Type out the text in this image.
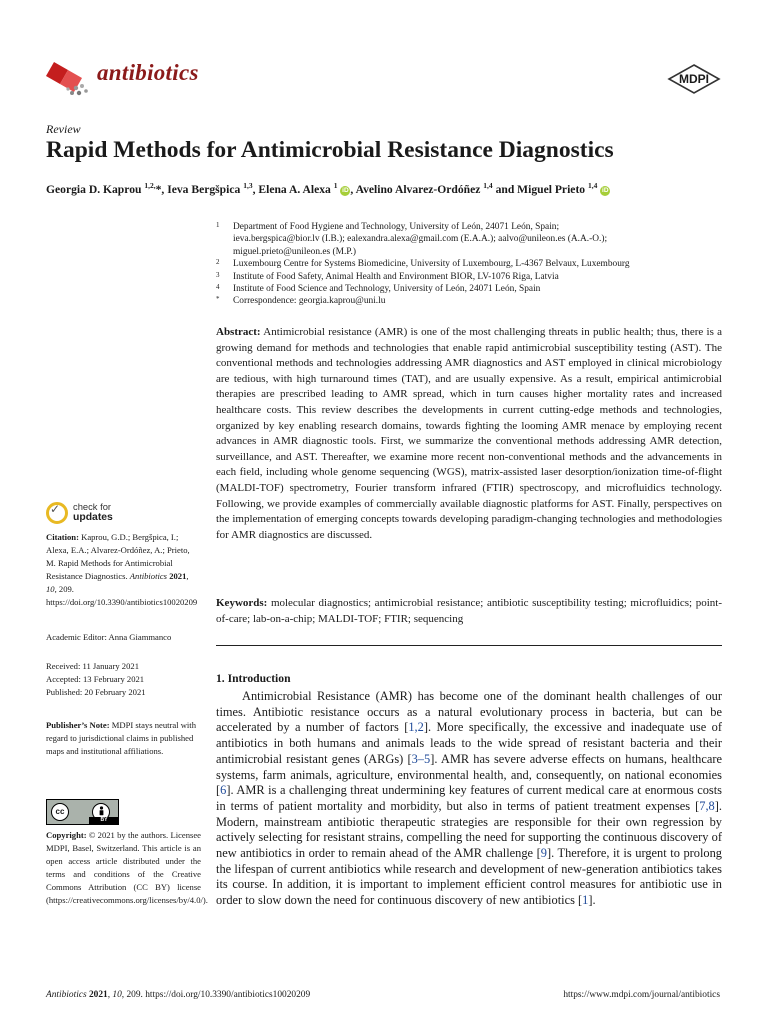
antibiotics	MDPI
Review
Rapid Methods for Antimicrobial Resistance Diagnostics
Georgia D. Kaprou $^{1,2,}$*, Ieva Bergšpica $^{1,3}$, Elena A. Alexa $^1$ iD , Avelino Alvarez-Ordóñez $^{1,4}$ and Miguel Prieto $^{1,4}$ iD
1 Department of Food Hygiene and Technology, University of León, 24071 León, Spain;
ieva.bergspica@bior.lv (I.B.); ealexandra.alexa@gmail.com (E.A.A.); aalvo@unileon.es (A.A.-O.);
miguel.prieto@unileon.es (M.P.)
2 Luxembourg Centre for Systems Biomedicine, University of Luxembourg, L-4367 Belvaux, Luxembourg
3 Institute of Food Safety, Animal Health and Environment BIOR, LV-1076 Riga, Latvia
4 Institute of Food Science and Technology, University of León, 24071 León, Spain
* Correspondence: georgia.kaprou@uni.lu
Abstract: Antimicrobial resistance (AMR) is one of the most challenging threats in public health; thus, there is a growing demand for methods and technologies that enable rapid antimicrobial susceptibility testing (AST). The conventional methods and technologies addressing AMR diagnostics and AST employed in clinical microbiology are tedious, with high turnaround times (TAT), and are usually expensive. As a result, empirical antimicrobial therapies are prescribed leading to AMR spread, which in turn causes higher mortality rates and increased healthcare costs. This review describes the developments in current cutting-edge methods and technologies, organized by key enabling research domains, towards fighting the looming AMR menace by employing recent advances in AMR diagnostic tools. First, we summarize the conventional methods addressing AMR detection, surveillance, and AST. Thereafter, we examine more recent non-conventional methods and the advancements in each field, including whole genome sequencing (WGS), matrix-assisted laser desorption/ionization time-of-flight (MALDI-TOF) spectrometry, Fourier transform infrared (FTIR) spectroscopy, and microfluidics technology. Following, we provide examples of commercially available diagnostic platforms for AST. Finally, perspectives on the implementation of emerging concepts towards developing paradigm-changing technologies and methodologies for AMR diagnostics are discussed.
Keywords: molecular diagnostics; antimicrobial resistance; antibiotic susceptibility testing; microfluidics; point-of-care; lab-on-a-chip; MALDI-TOF; FTIR; sequencing
1. Introduction
Antimicrobial Resistance (AMR) has become one of the dominant health challenges of our times. Antibiotic resistance occurs as a natural evolutionary process in bacteria, but can be accelerated by a number of factors [1,2]. More specifically, the excessive and inadequate use of antibiotics in both humans and animals leads to the wide spread of resistant bacteria and their antimicrobial resistant genes (ARGs) [3–5]. AMR has severe adverse effects on humans, healthcare systems, farm animals, agriculture, environmental health, and, consequently, on national economies [6]. AMR is a challenging threat undermining key features of current medical care at enormous costs in terms of patient mortality and morbidity, but also in terms of patient treatment expenses [7,8]. Modern, mainstream antibiotic therapeutic strategies are responsible for their own regression by actively selecting for resistant strains, compelling the need for supporting the continuous discovery of new antibiotics in order to remain ahead of the AMR challenge [9]. Therefore, it is urgent to prolong the lifespan of current antibiotics while research and development of new-generation antibiotics takes its course. In addition, it is important to implement efficient control measures for antibiotic use in order to slow down the need for continuous discovery of new antibiotics [1].
✓ check for
updates
Citation: Kaprou, G.D.; Bergšpica, I.; Alexa, E.A.; Alvarez-Ordóñez, A.; Prieto, M. Rapid Methods for Antimicrobial Resistance Diagnostics. Antibiotics 2021, 10, 209. https://doi.org/10.3390/antibiotics10020209
Academic Editor: Anna Giammanco
Received: 11 January 2021
Accepted: 13 February 2021
Published: 20 February 2021
Publisher’s Note: MDPI stays neutral with regard to jurisdictional claims in published maps and institutional affiliations.
cc
BY
Copyright: © 2021 by the authors. Licensee MDPI, Basel, Switzerland. This article is an open access article distributed under the terms and conditions of the Creative Commons Attribution (CC BY) license (https://creativecommons.org/licenses/by/4.0/).
Antibiotics 2021, 10, 209. https://doi.org/10.3390/antibiotics10020209	https://www.mdpi.com/journal/antibiotics
